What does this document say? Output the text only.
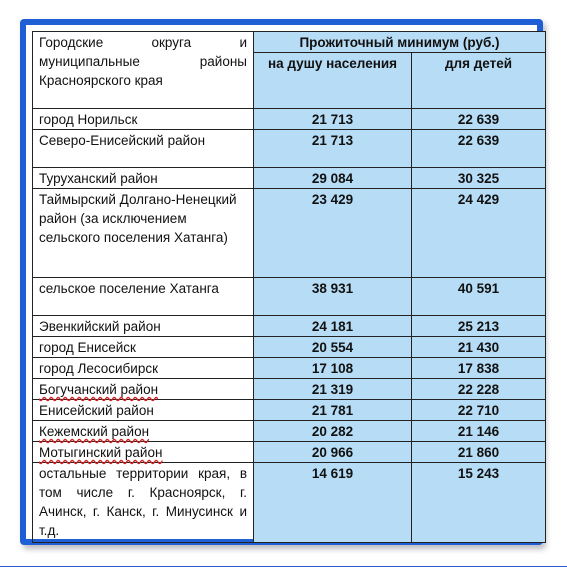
Городские округа и муниципальные районы Красноярского края	Прожиточный минимум (руб.)	
	на душу населения	для детей
город Норильск	21 713	22 639
Северо-Енисейский район	21 713	22 639
Туруханский район	29 084	30 325
Таймырский Долгано-Ненецкий район (за исключением сельского поселения Хатанга)	23 429	24 429
сельское поселение Хатанга	38 931	40 591
Эвенкийский район	24 181	25 213
город Енисейск	20 554	21 430
город Лесосибирск	17 108	17 838
Богучанский район	21 319	22 228
Енисейский район	21 781	22 710
Кежемский район	20 282	21 146
Мотыгинский район	20 966	21 860
остальные территории края, в том числе г. Красноярск, г. Ачинск, г. Канск, г. Минусинск и т.д.	14 619	15 243
